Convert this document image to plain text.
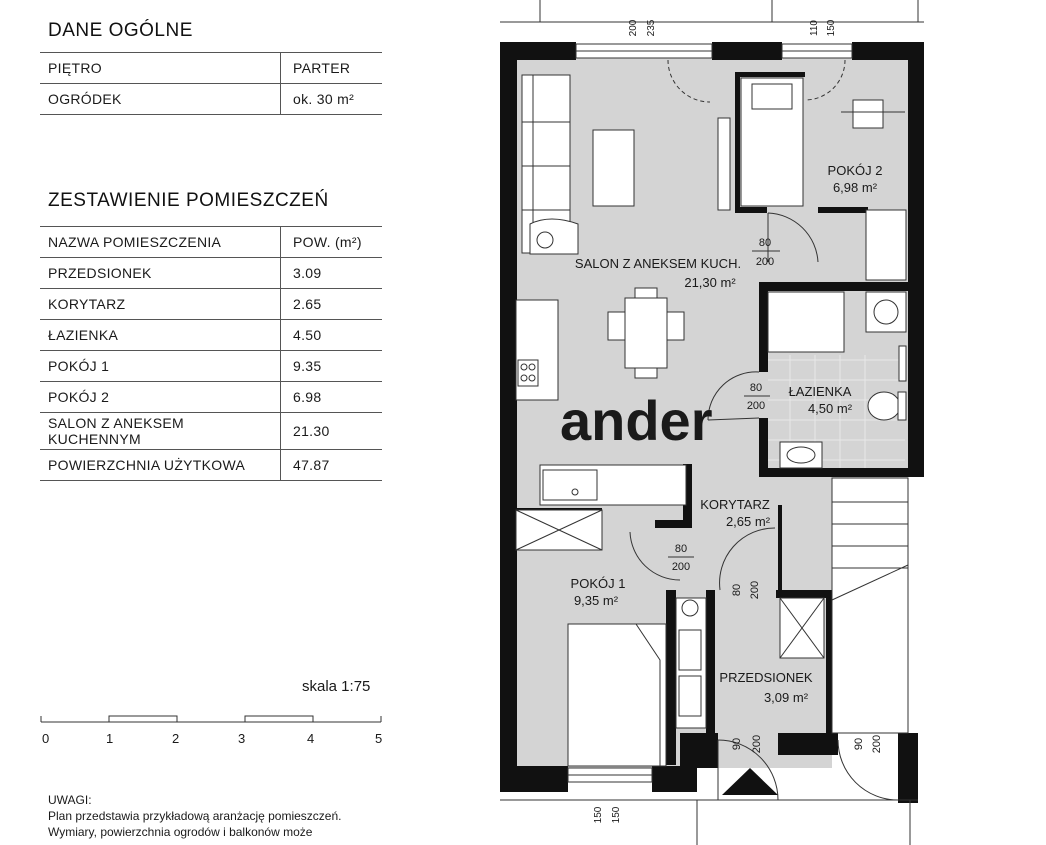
DANE OGÓLNE
PIĘTRO	PARTER
OGRÓDEK	ok. 30 m²
ZESTAWIENIE POMIESZCZEŃ
NAZWA POMIESZCZENIA	POW. (m²)
PRZEDSIONEK	3.09
KORYTARZ	2.65
ŁAZIENKA	4.50
POKÓJ 1	9.35
POKÓJ 2	6.98
SALON Z ANEKSEM KUCHENNYM	21.30
POWIERZCHNIA UŻYTKOWA	47.87
skala 1:75
0	1	2	3	4	5
UWAGI:
Plan przedstawia przykładową aranżację pomieszczeń.
Wymiary, powierzchnia ogrodów i balkonów może
ander
SALON Z ANEKSEM KUCH.
21,30 m²
POKÓJ 2
6,98 m²
ŁAZIENKA
4,50 m²
KORYTARZ
2,65 m²
POKÓJ 1
9,35 m²
PRZEDSIONEK
3,09 m²
80
200
80
200
80
200
80 200
90 200	90 200
200 235	110 150
150 150
